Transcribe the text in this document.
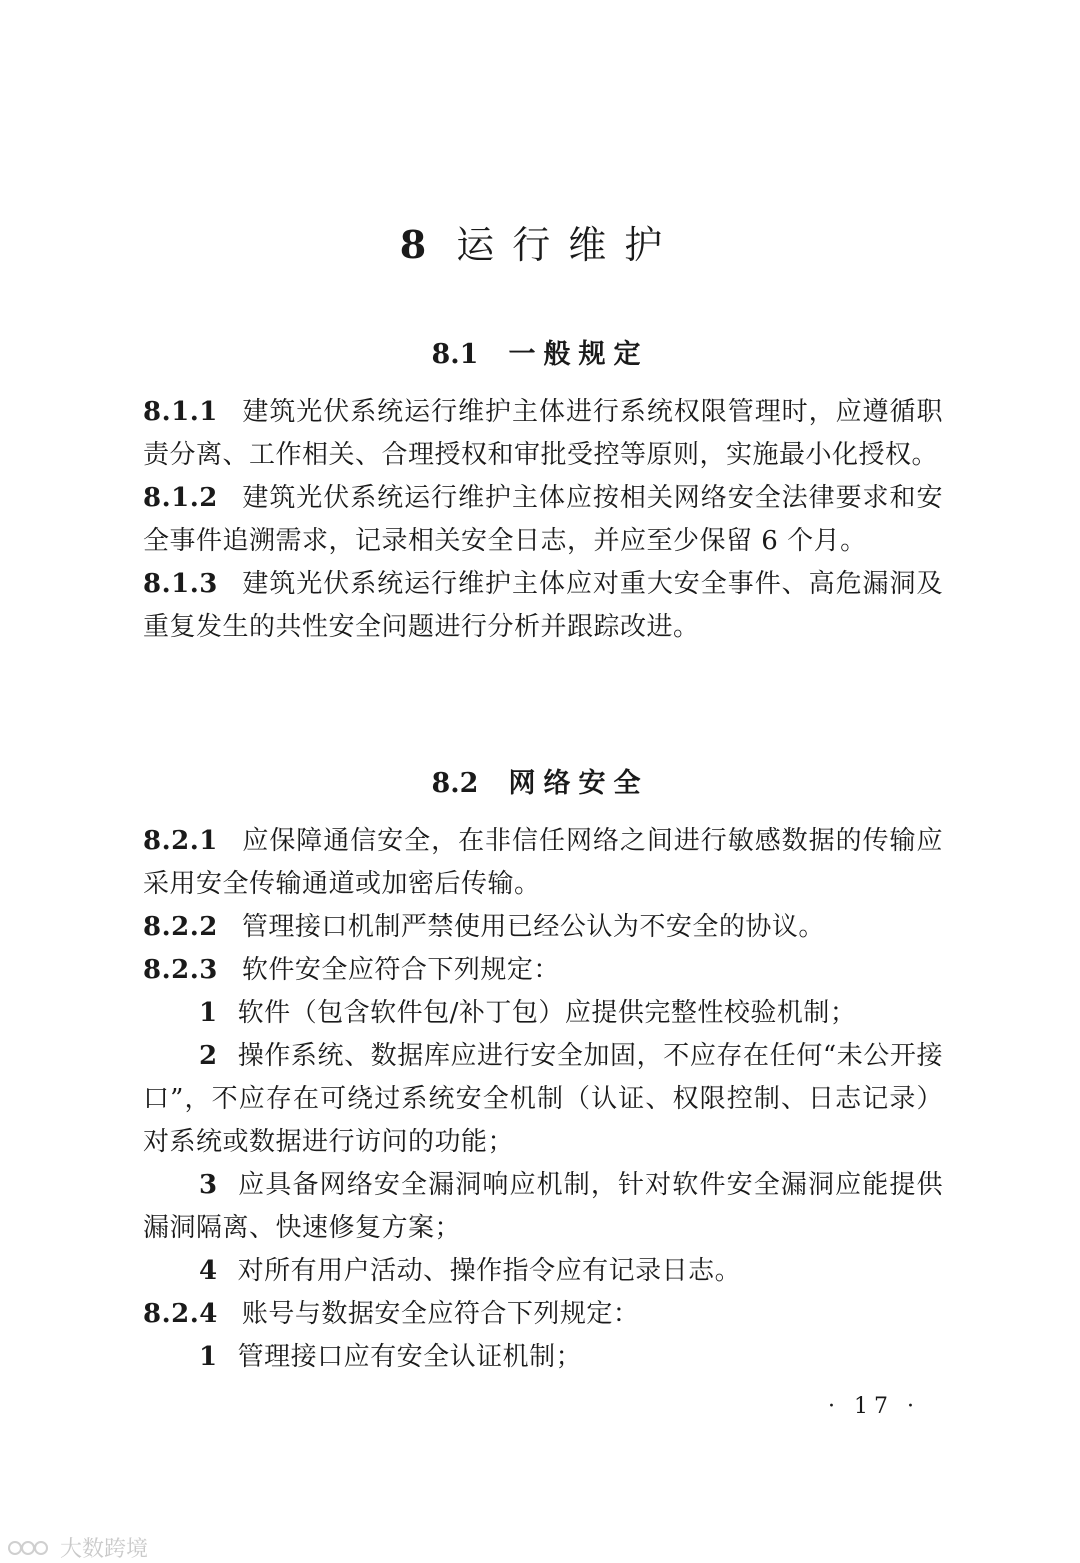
8 运行维护
8.1 一般规定

8.1.1 建筑光伏系统运行维护主体进行系统权限管理时，应遵循职责分离、工作相关、合理授权和审批受控等原则，实施最小化授权。

8.1.2 建筑光伏系统运行维护主体应按相关网络安全法律要求和安全事件追溯需求，记录相关安全日志，并应至少保留 6 个月。

8.1.3 建筑光伏系统运行维护主体应对重大安全事件、高危漏洞及重复发生的共性安全问题进行分析并跟踪改进。

8.2 网络安全

8.2.1 应保障通信安全，在非信任网络之间进行敏感数据的传输应采用安全传输通道或加密后传输。

8.2.2 管理接口机制严禁使用已经公认为不安全的协议。

8.2.3 软件安全应符合下列规定：

1 软件（包含软件包/补丁包）应提供完整性校验机制；

2 操作系统、数据库应进行安全加固，不应存在任何“未公开接口”，不应存在可绕过系统安全机制（认证、权限控制、日志记录）对系统或数据进行访问的功能；

3 应具备网络安全漏洞响应机制，针对软件安全漏洞应能提供漏洞隔离、快速修复方案；

4 对所有用户活动、操作指令应有记录日志。

8.2.4 账号与数据安全应符合下列规定：

1 管理接口应有安全认证机制；

· 17 ·
大数跨境
